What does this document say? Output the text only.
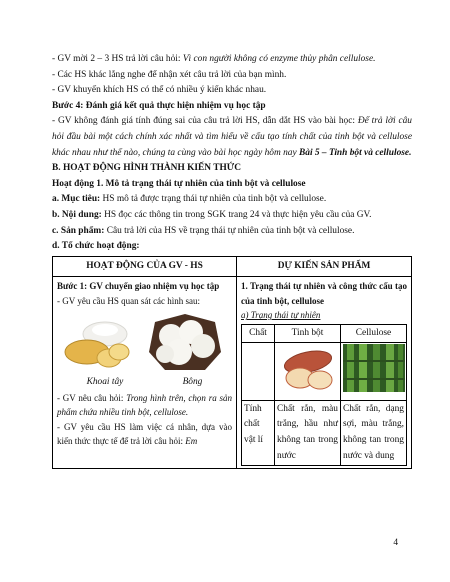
- GV mời 2 – 3 HS trả lời câu hỏi: Vì con người không có enzyme thủy phân cellulose.

- Các HS khác lắng nghe để nhận xét câu trả lời của bạn mình.

- GV khuyến khích HS có thể có nhiều ý kiến khác nhau.

Bước 4: Đánh giá kết quả thực hiện nhiệm vụ học tập

- GV không đánh giá tính đúng sai của câu trả lời HS, dẫn dắt HS vào bài học: Để trả lời câu hỏi đầu bài một cách chính xác nhất và tìm hiểu về cấu tạo tính chất của tinh bột và cellulose khác nhau như thế nào, chúng ta cùng vào bài học ngày hôm nay Bài 5 – Tinh bột và cellulose.

B. HOẠT ĐỘNG HÌNH THÀNH KIẾN THỨC

Hoạt động 1. Mô tả trạng thái tự nhiên của tinh bột và cellulose

a. Mục tiêu: HS mô tả được trạng thái tự nhiên của tinh bột và cellulose.

b. Nội dung: HS đọc các thông tin trong SGK trang 24 và thực hiện yêu cầu của GV.

c. Sản phẩm: Câu trả lời của HS về trạng thái tự nhiên của tinh bột và cellulose.

d. Tổ chức hoạt động:

HOẠT ĐỘNG CỦA GV - HS	DỰ KIẾN SẢN PHẨM

Bước 1: GV chuyển giao nhiệm vụ học tập
- GV yêu cầu HS quan sát các hình sau:
Khoai tây	Bông
- GV nêu câu hỏi: Trong hình trên, chọn ra sản phẩm chứa nhiều tinh bột, cellulose.
- GV yêu cầu HS làm việc cá nhân, dựa vào kiến thức thực tế để trả lời câu hỏi: Em

1. Trạng thái tự nhiên và công thức cấu tạo của tinh bột, cellulose
a) Trạng thái tự nhiên
Chất	Tinh bột	Cellulose

Tính chất vật lí	Chất rắn, màu trắng, hầu như không tan trong nước	Chất rắn, dạng sợi, màu trắng, không tan trong nước và dung
4
